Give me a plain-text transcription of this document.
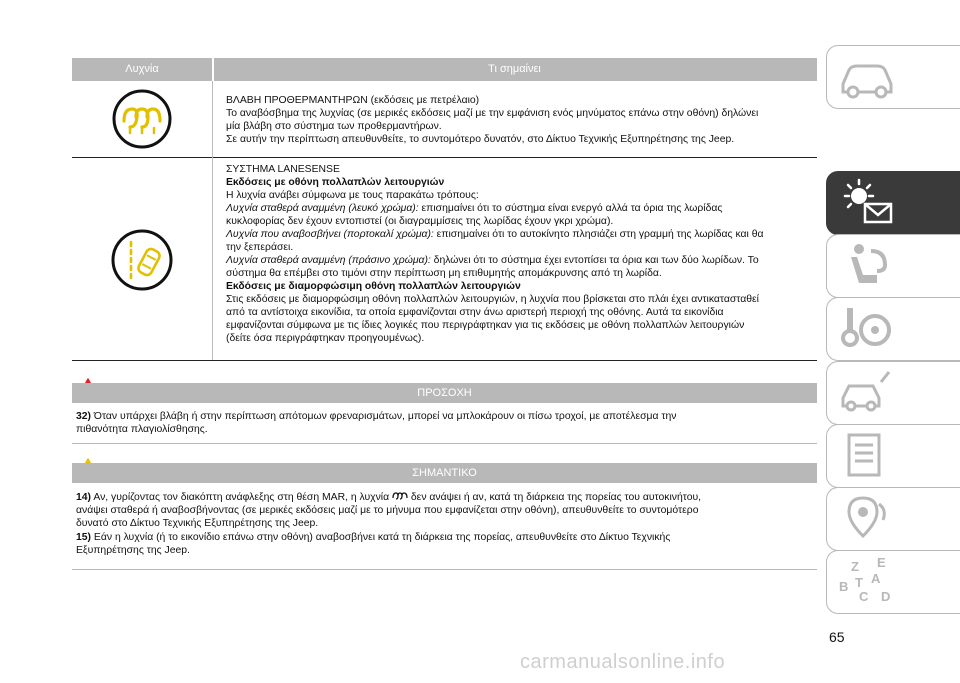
Λυχνία	Τι σημαίνει
ΒΛΑΒΗ ΠΡΟΘΕΡΜΑΝΤΗΡΩΝ (εκδόσεις με πετρέλαιο)
Το αναβόσβημα της λυχνίας (σε μερικές εκδόσεις μαζί με την εμφάνιση ενός μηνύματος επάνω στην οθόνη) δηλώνει
μία βλάβη στο σύστημα των προθερμαντήρων.
Σε αυτήν την περίπτωση απευθυνθείτε, το συντομότερο δυνατόν, στο Δίκτυο Τεχνικής Εξυπηρέτησης της Jeep.
ΣΥΣΤΗΜΑ LANESENSE
Εκδόσεις με οθόνη πολλαπλών λειτουργιών
Η λυχνία ανάβει σύμφωνα με τους παρακάτω τρόπους:
Λυχνία σταθερά αναμμένη (λευκό χρώμα): επισημαίνει ότι το σύστημα είναι ενεργό αλλά τα όρια της λωρίδας
κυκλοφορίας δεν έχουν εντοπιστεί (οι διαγραμμίσεις της λωρίδας έχουν γκρι χρώμα).
Λυχνία που αναβοσβήνει (πορτοκαλί χρώμα): επισημαίνει ότι το αυτοκίνητο πλησιάζει στη γραμμή της λωρίδας και θα
την ξεπεράσει.
Λυχνία σταθερά αναμμένη (πράσινο χρώμα): δηλώνει ότι το σύστημα έχει εντοπίσει τα όρια και των δύο λωρίδων. Το
σύστημα θα επέμβει στο τιμόνι στην περίπτωση μη επιθυμητής απομάκρυνσης από τη λωρίδα.
Εκδόσεις με διαμορφώσιμη οθόνη πολλαπλών λειτουργιών
Στις εκδόσεις με διαμορφώσιμη οθόνη πολλαπλών λειτουργιών, η λυχνία που βρίσκεται στο πλάι έχει αντικατασταθεί
από τα αντίστοιχα εικονίδια, τα οποία εμφανίζονται στην άνω αριστερή περιοχή της οθόνης. Αυτά τα εικονίδια
εμφανίζονται σύμφωνα με τις ίδιες λογικές που περιγράφτηκαν για τις εκδόσεις με οθόνη πολλαπλών λειτουργιών
(δείτε όσα περιγράφτηκαν προηγουμένως).
ΠΡΟΣΟΧΗ
32) Όταν υπάρχει βλάβη ή στην περίπτωση απότομων φρεναρισμάτων, μπορεί να μπλοκάρουν οι πίσω τροχοί, με αποτέλεσμα την
πιθανότητα πλαγιολίσθησης.
ΣΗΜΑΝΤΙΚΟ
14) Αν, γυρίζοντας τον διακόπτη ανάφλεξης στη θέση MAR, η λυχνία  δεν ανάψει ή αν, κατά τη διάρκεια της πορείας του αυτοκινήτου,
ανάψει σταθερά ή αναβοσβήνοντας (σε μερικές εκδόσεις μαζί με το μήνυμα που εμφανίζεται στην οθόνη), απευθυνθείτε το συντομότερο
δυνατό στο Δίκτυο Τεχνικής Εξυπηρέτησης της Jeep.
15) Εάν η λυχνία (ή το εικονίδιο επάνω στην οθόνη) αναβοσβήνει κατά τη διάρκεια της πορείας, απευθυνθείτε στο Δίκτυο Τεχνικής
Εξυπηρέτησης της Jeep.
Z E
A
B
C D
T
65
carmanualsonline.info
